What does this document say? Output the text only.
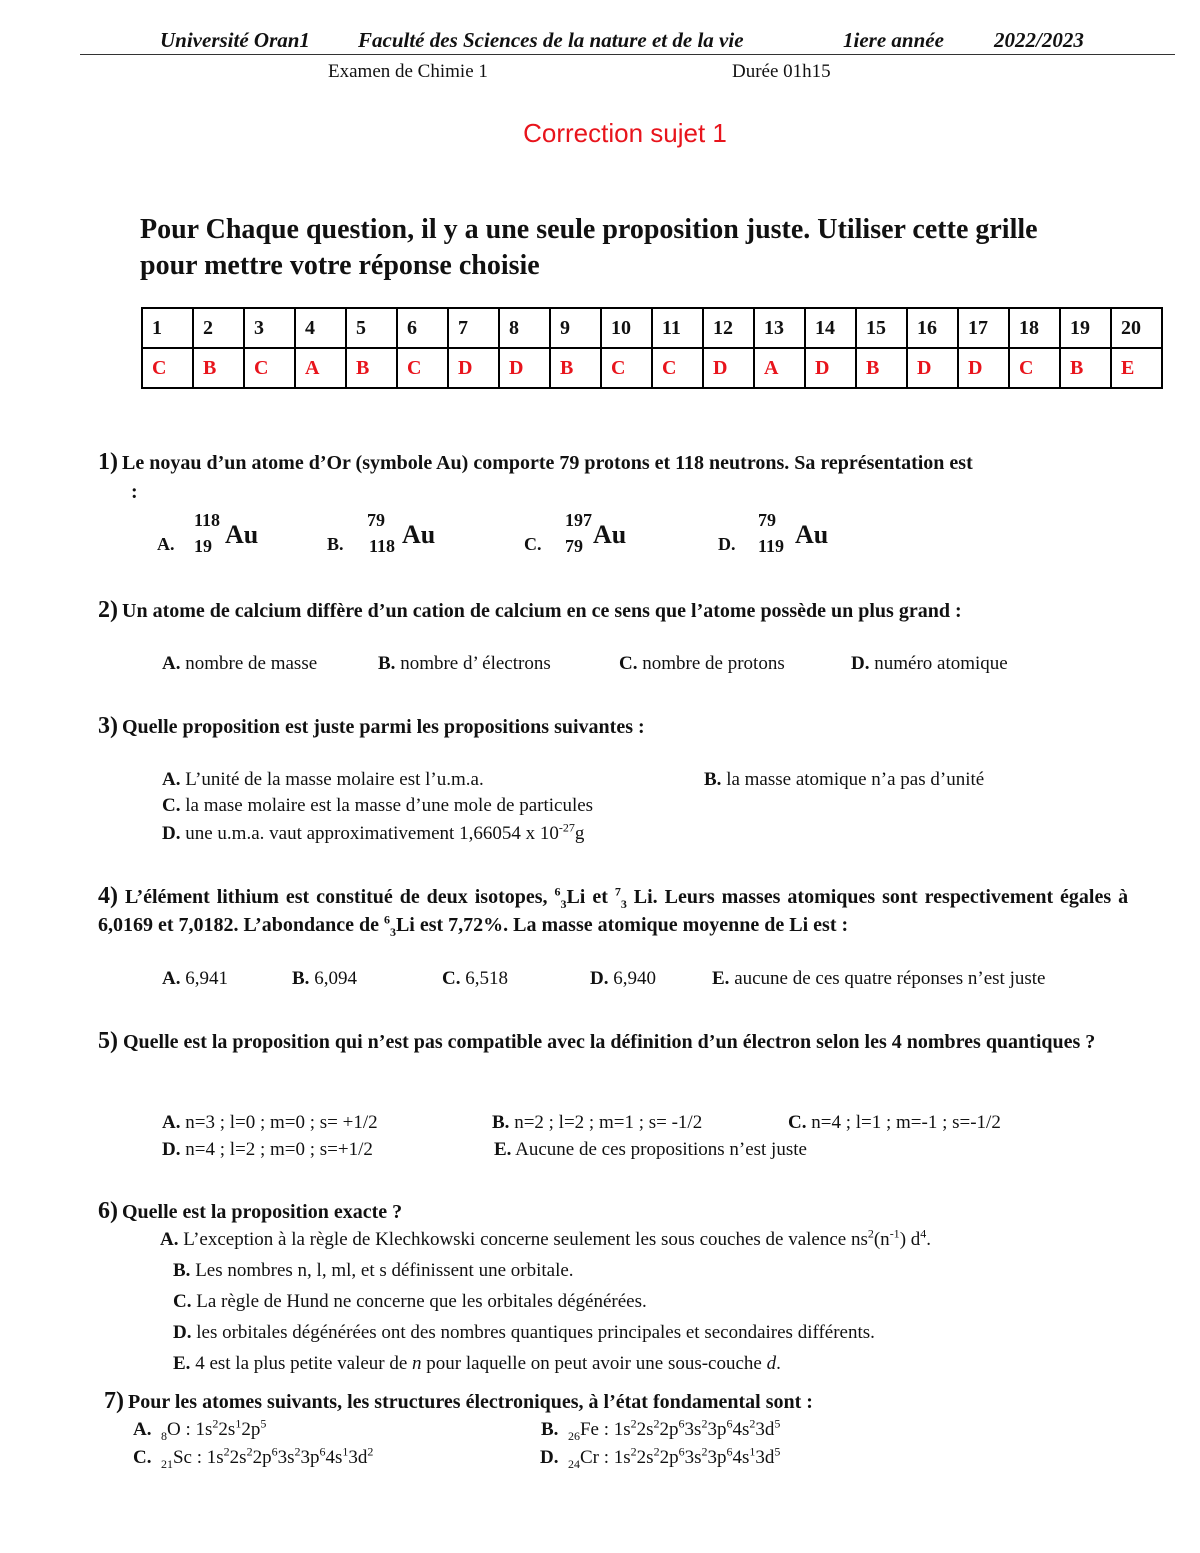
Université Oran1 Faculté des Sciences de la nature et de la vie	1iere année 2022/2023
Examen de Chimie 1	Durée 01h15
Correction sujet 1
Pour Chaque question, il y a une seule proposition juste. Utiliser cette grille pour mettre votre réponse choisie
1	2	3	4	5	6	7	8	9	10	11	12	13	14	15	16	17	18	19	20
C	B	C	A	B	C	D	D	B	C	C	D	A	D	B	D	D	C	B	E
1) Le noyau d’un atome d’Or (symbole Au) comporte 79 protons et 118 neutrons. Sa représentation est
:
A.
118
19 Au	B.
79
118 Au	C.
197
79 Au	D.
79
119 Au
2) Un atome de calcium diffère d’un cation de calcium en ce sens que l’atome possède un plus grand :
A. nombre de masse	B. nombre d’ électrons	C. nombre de protons	D. numéro atomique
3) Quelle proposition est juste parmi les propositions suivantes :
A. L’unité de la masse molaire est l’u.m.a.	B. la masse atomique n’a pas d’unité
C. la mase molaire est la masse d’une mole de particules
D. une u.m.a. vaut approximativement 1,66054 x $10^{-27}g$
4) L’élément lithium est constitué de deux isotopes, $^6_3$Li et $^7_3$ Li. Leurs masses atomiques sont respectivement égales à 6,0169 et 7,0182. L’abondance de $^6_3$Li est 7,72%. La masse atomique moyenne de Li est :
A. 6,941	B. 6,094	C. 6,518	D. 6,940	E. aucune de ces quatre réponses n’est juste
5) Quelle est la proposition qui n’est pas compatible avec la définition d’un électron selon les 4 nombres quantiques ?
A. n=3 ; l=0 ; m=0 ; s= +1/2	B. n=2 ; l=2 ; m=1 ; s= -1/2	C. n=4 ; l=1 ; m=-1 ; s=-1/2
D. n=4 ; l=2 ; m=0 ; s=+1/2	E. Aucune de ces propositions n’est juste
6) Quelle est la proposition exacte ?
A. L’exception à la règle de Klechkowski concerne seulement les sous couches de valence $ns^2(n^{-1})$ $d^4$.
B. Les nombres n, l, ml, et s définissent une orbitale.
C. La règle de Hund ne concerne que les orbitales dégénérées.
D. les orbitales dégénérées ont des nombres quantiques principales et secondaires différents.
E. 4 est la plus petite valeur de n pour laquelle on peut avoir une sous-couche d.
7) Pour les atomes suivants, les structures électroniques, à l’état fondamental sont :
A. $_8$O : $1s^22s^12p^5$	B. $_{26}$Fe : $1s^22s^22p^63s^23p^64s^23d^5$
C. $_{21}$Sc : $1s^22s^22p^63s^23p^64s^13d^2$	D. $_{24}$Cr : $1s^22s^22p^63s^23p^64s^13d^5$
